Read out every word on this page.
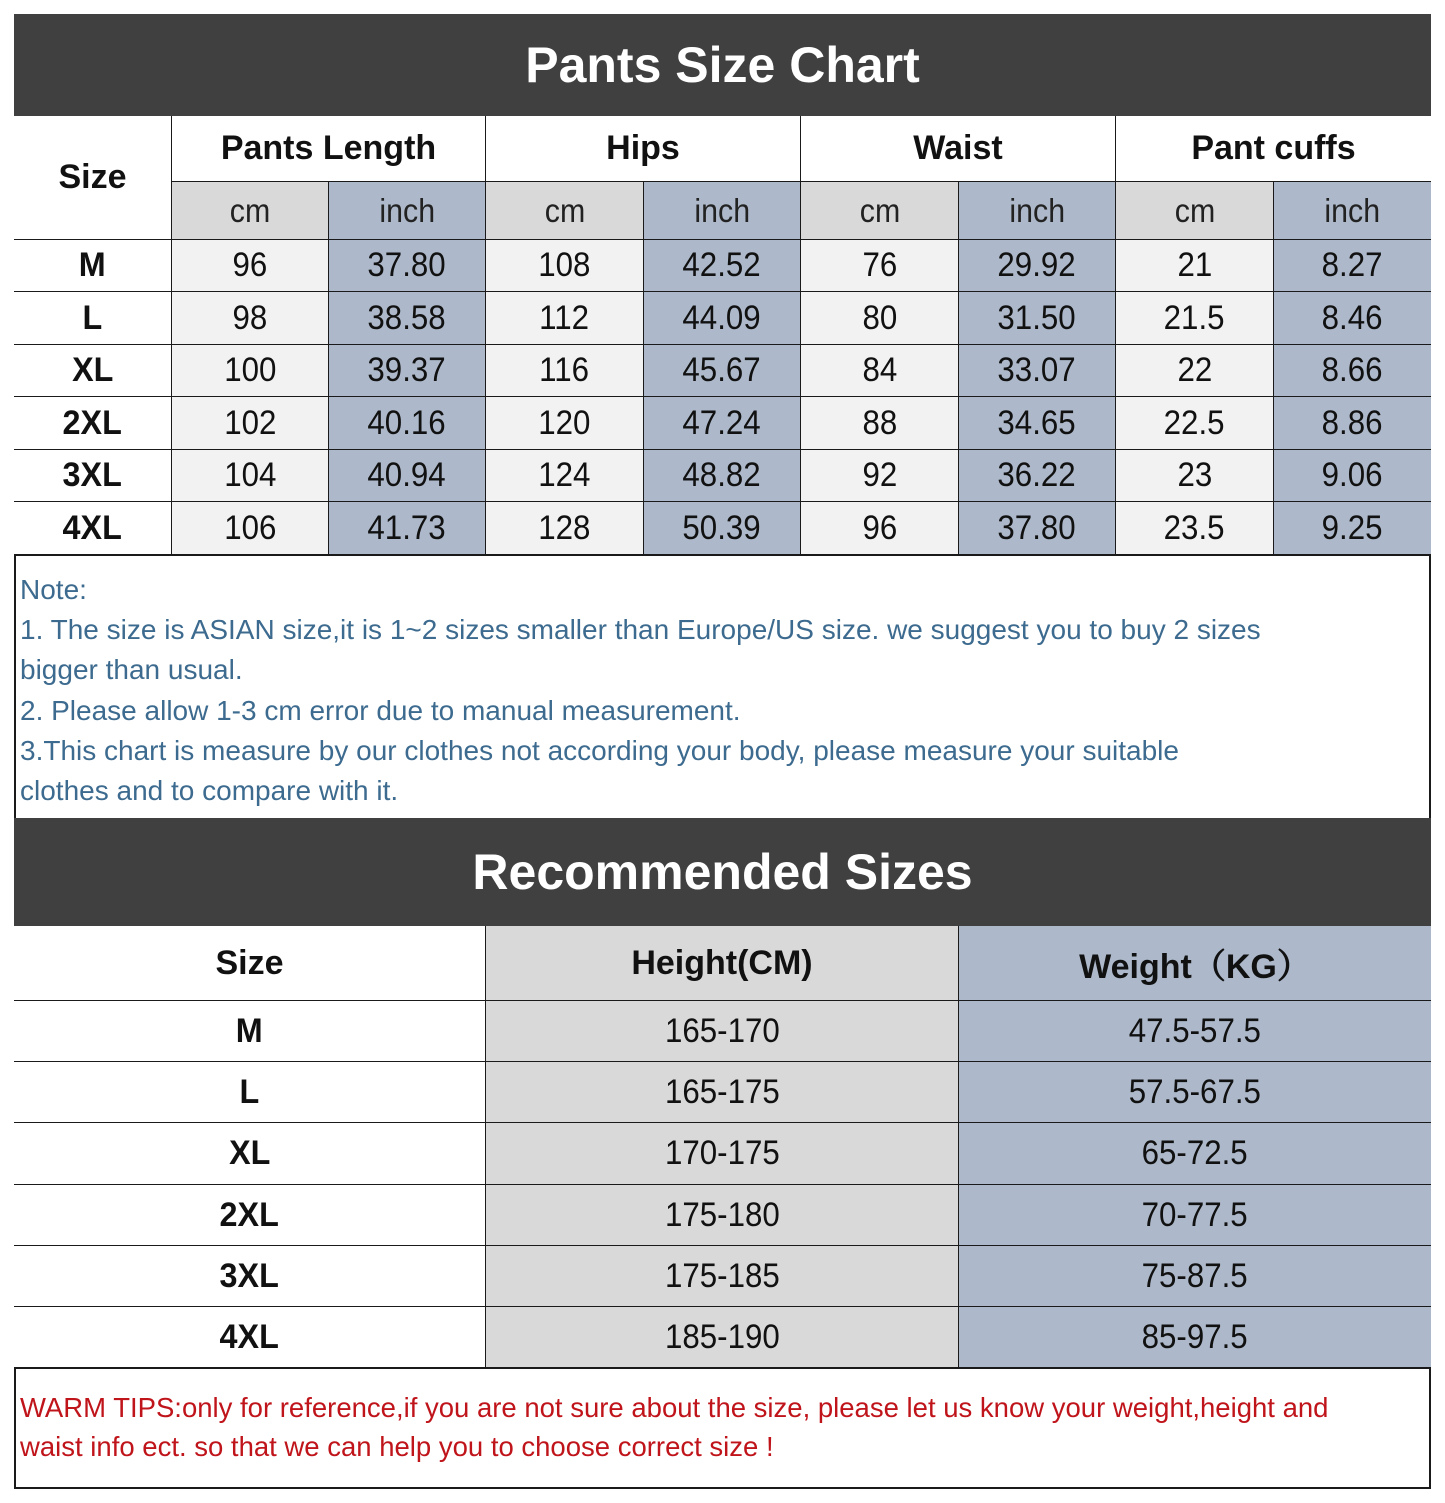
Pants Size Chart
Size
Pants Length
cm	inch
Hips
cm	inch
Waist
cm	inch
Pant cuffs
cm	inch
M	96	37.80	108	42.52	76	29.92	21	8.27
L	98	38.58	112	44.09	80	31.50	21.5	8.46
XL	100	39.37	116	45.67	84	33.07	22	8.66
2XL	102	40.16	120	47.24	88	34.65	22.5	8.86
3XL	104	40.94	124	48.82	92	36.22	23	9.06
4XL	106	41.73	128	50.39	96	37.80	23.5	9.25
Note:
1. The size is ASIAN size,it is 1~2 sizes smaller than Europe/US size. we suggest you to buy 2 sizes
bigger than usual.
2. Please allow 1-3 cm error due to manual measurement.
3.This chart is measure by our clothes not according your body, please measure your suitable
clothes and to compare with it.
Recommended Sizes
Size	Height(CM)	Weight（KG）
M	165-170	47.5-57.5
L	165-175	57.5-67.5
XL	170-175	65-72.5
2XL	175-180	70-77.5
3XL	175-185	75-87.5
4XL	185-190	85-97.5
WARM TIPS:only for reference,if you are not sure about the size, please let us know your weight,height and
waist info ect. so that we can help you to choose correct size !
